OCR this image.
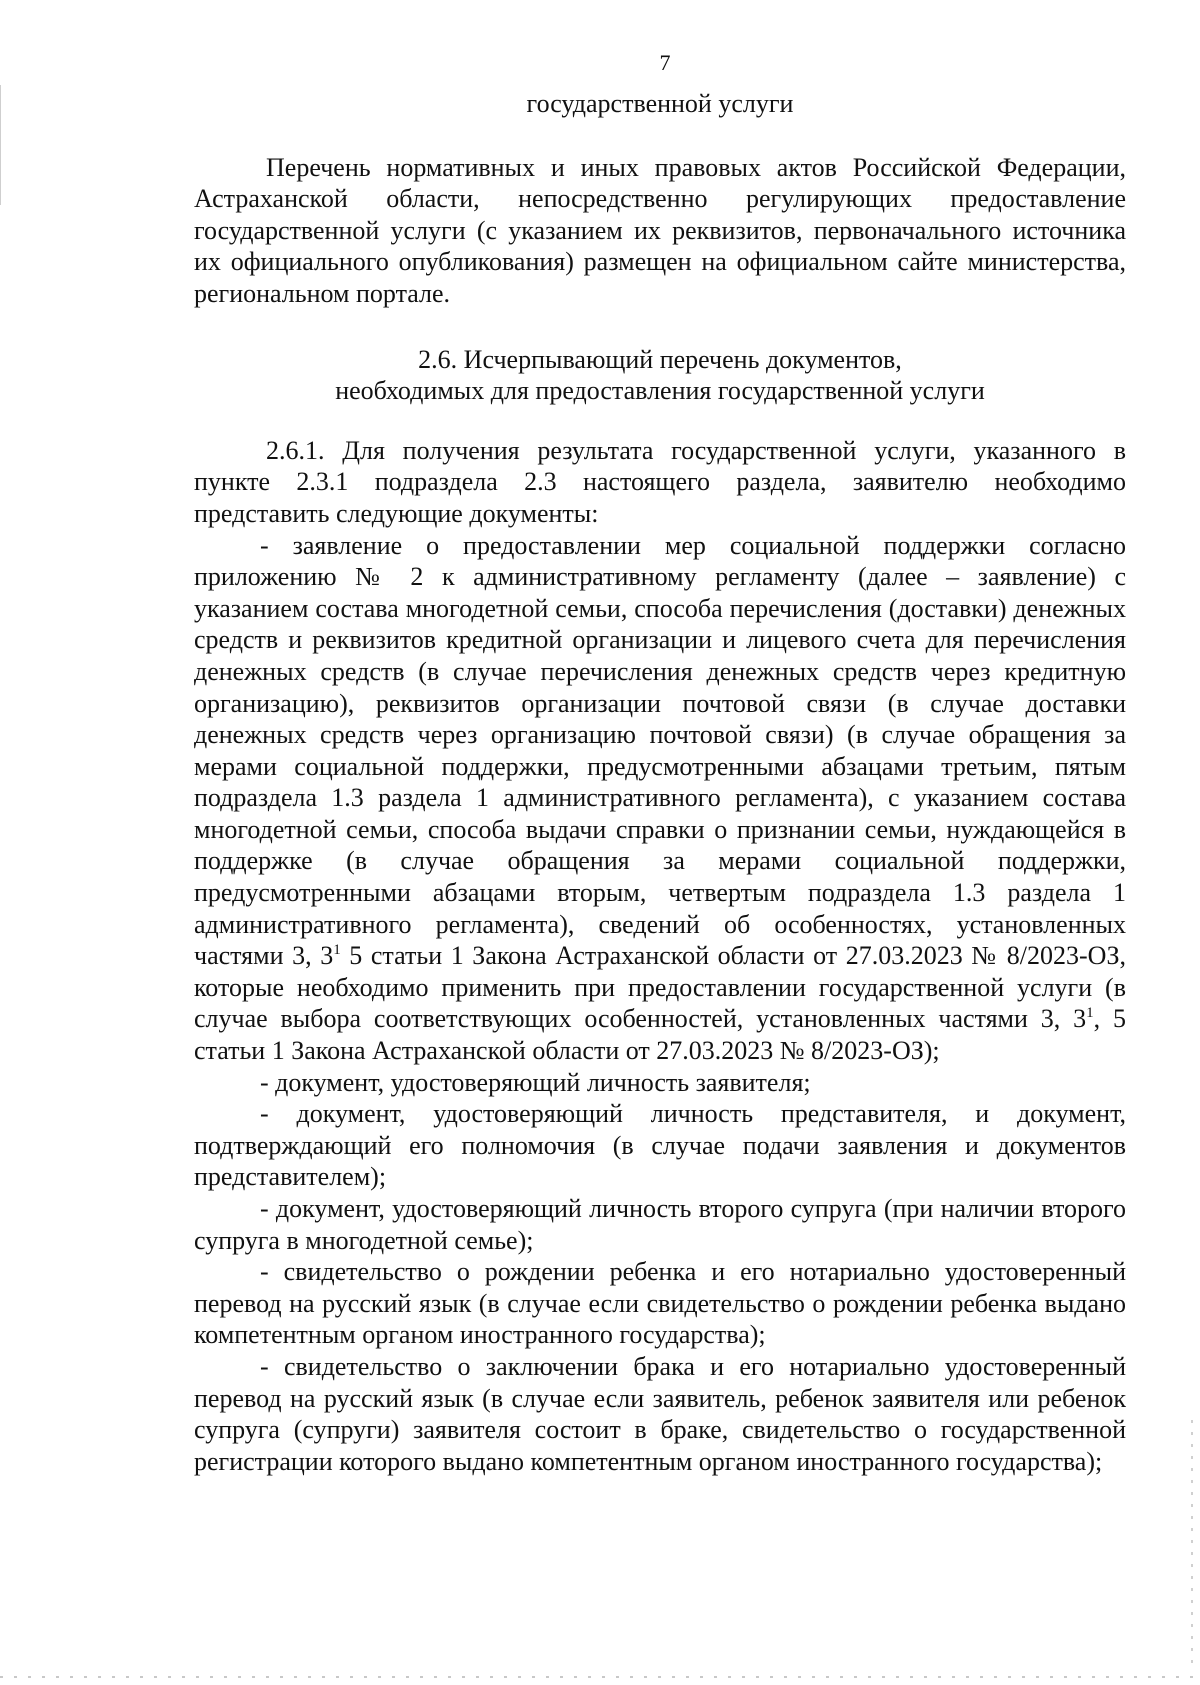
7

государственной услуги

Перечень нормативных и иных правовых актов Российской Федерации, Астраханской области, непосредственно регулирующих предоставление государственной услуги (с указанием их реквизитов, первоначального источника их официального опубликования) размещен на официальном сайте министерства, региональном портале.

2.6. Исчерпывающий перечень документов,

необходимых для предоставления государственной услуги

2.6.1. Для получения результата государственной услуги, указанного в пункте 2.3.1 подраздела 2.3 настоящего раздела, заявителю необходимо представить следующие документы:

- заявление о предоставлении мер социальной поддержки согласно приложению № 2 к административному регламенту (далее – заявление) с указанием состава многодетной семьи, способа перечисления (доставки) денежных средств и реквизитов кредитной организации и лицевого счета для перечисления денежных средств (в случае перечисления денежных средств через кредитную организацию), реквизитов организации почтовой связи (в случае доставки денежных средств через организацию почтовой связи) (в случае обращения за мерами социальной поддержки, предусмотренными абзацами третьим, пятым подраздела 1.3 раздела 1 административного регламента), с указанием состава многодетной семьи, способа выдачи справки о признании семьи, нуждающейся в поддержке (в случае обращения за мерами социальной поддержки, предусмотренными абзацами вторым, четвертым подраздела 1.3 раздела 1 административного регламента), сведений об особенностях, установленных частями 3, $3^1$ 5 статьи 1 Закона Астраханской области от 27.03.2023 № 8/2023-ОЗ, которые необходимо применить при предоставлении государственной услуги (в случае выбора соответствующих особенностей, установленных частями 3, $3^1$, 5 статьи 1 Закона Астраханской области от 27.03.2023 № 8/2023-ОЗ);

- документ, удостоверяющий личность заявителя;

- документ, удостоверяющий личность представителя, и документ, подтверждающий его полномочия (в случае подачи заявления и документов представителем);

- документ, удостоверяющий личность второго супруга (при наличии второго супруга в многодетной семье);

- свидетельство о рождении ребенка и его нотариально удостоверенный перевод на русский язык (в случае если свидетельство о рождении ребенка выдано компетентным органом иностранного государства);

- свидетельство о заключении брака и его нотариально удостоверенный перевод на русский язык (в случае если заявитель, ребенок заявителя или ребенок супруга (супруги) заявителя состоит в браке, свидетельство о государственной регистрации которого выдано компетентным органом иностранного государства);
